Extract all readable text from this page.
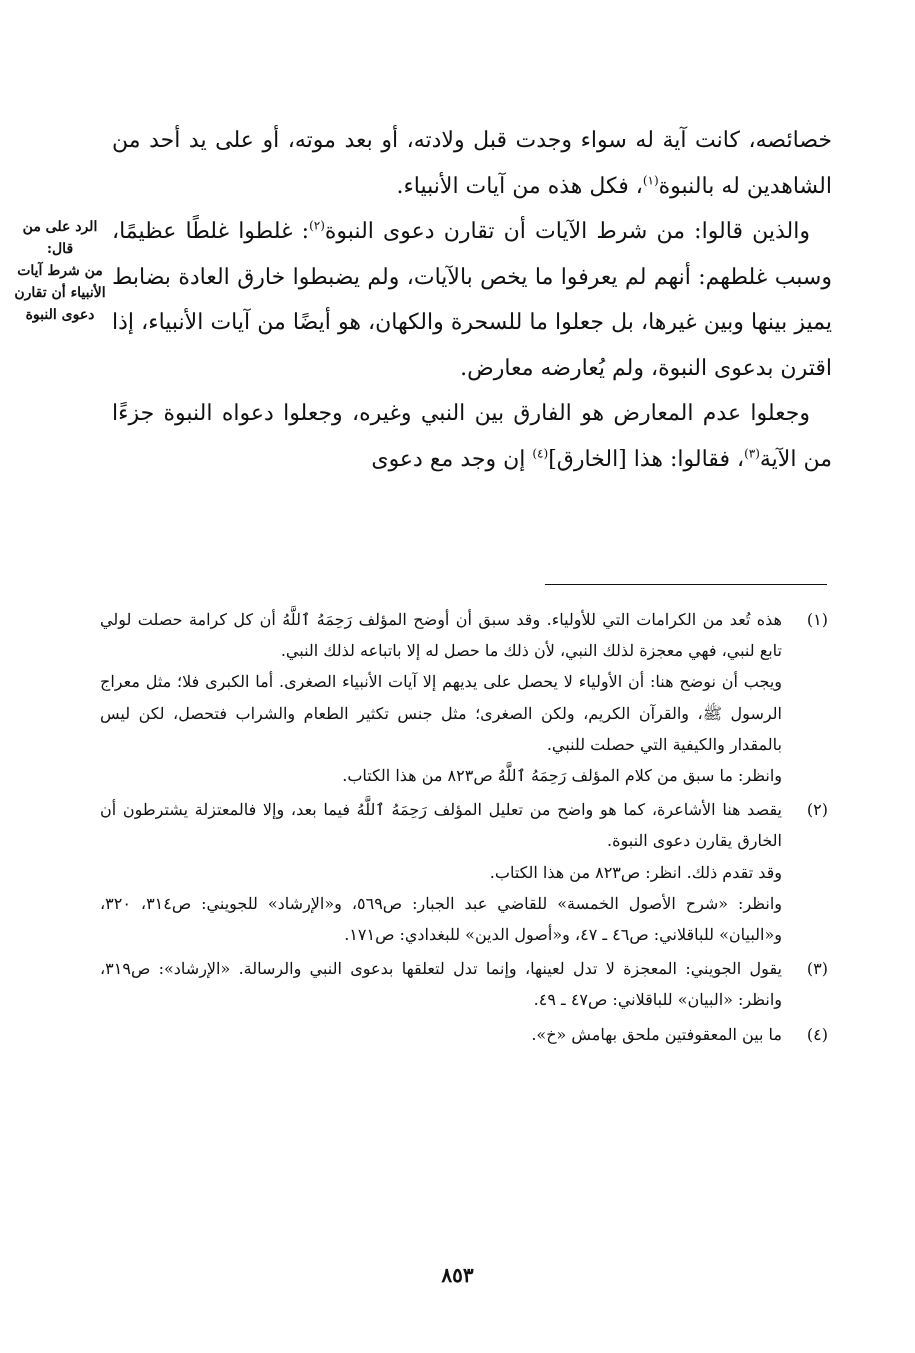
خصائصه، كانت آية له سواء وجدت قبل ولادته، أو بعد موته، أو على يد أحد من الشاهدين له بالنبوة$^{(١)}$، فكل هذه من آيات الأنبياء.

والذين قالوا: من شرط الآيات أن تقارن دعوى النبوة$^{(٢)}$: غلطوا غلطًا عظيمًا، وسبب غلطهم: أنهم لم يعرفوا ما يخص بالآيات، ولم يضبطوا خارق العادة بضابط يميز بينها وبين غيرها، بل جعلوا ما للسحرة والكهان، هو أيضًا من آيات الأنبياء، إذا اقترن بدعوى النبوة، ولم يُعارضه معارض.

وجعلوا عدم المعارض هو الفارق بين النبي وغيره، وجعلوا دعواه النبوة جزءًا من الآية$^{(٣)}$، فقالوا: هذا [الخارق]$^{(٤)}$ إن وجد مع دعوى

الرد على من قال:
من شرط آيات
الأنبياء أن تقارن
دعوى النبوة
(١)

هذه تُعد من الكرامات التي للأولياء. وقد سبق أن أوضح المؤلف رَحِمَهُ ٱللَّهُ أن كل كرامة حصلت لولي تابع لنبي، فهي معجزة لذلك النبي، لأن ذلك ما حصل له إلا باتباعه لذلك النبي.

ويجب أن نوضح هنا: أن الأولياء لا يحصل على يديهم إلا آيات الأنبياء الصغرى. أما الكبرى فلا؛ مثل معراج الرسول ﷺ، والقرآن الكريم، ولكن الصغرى؛ مثل جنس تكثير الطعام والشراب فتحصل، لكن ليس بالمقدار والكيفية التي حصلت للنبي.

وانظر: ما سبق من كلام المؤلف رَحِمَهُ ٱللَّهُ ص٨٢٣ من هذا الكتاب.

(٢)

يقصد هنا الأشاعرة، كما هو واضح من تعليل المؤلف رَحِمَهُ ٱللَّهُ فيما بعد، وإلا فالمعتزلة يشترطون أن الخارق يقارن دعوى النبوة.

وقد تقدم ذلك. انظر: ص٨٢٣ من هذا الكتاب.

وانظر: «شرح الأصول الخمسة» للقاضي عبد الجبار: ص٥٦٩، و«الإرشاد» للجويني: ص٣١٤، ٣٢٠، و«البيان» للباقلاني: ص٤٦ ـ ٤٧، و«أصول الدين» للبغدادي: ص١٧١.

(٣)

يقول الجويني: المعجزة لا تدل لعينها، وإنما تدل لتعلقها بدعوى النبي والرسالة. «الإرشاد»: ص٣١٩، وانظر: «البيان» للباقلاني: ص٤٧ ـ ٤٩.

(٤)

ما بين المعقوفتين ملحق بهامش «خ».

٨٥٣
